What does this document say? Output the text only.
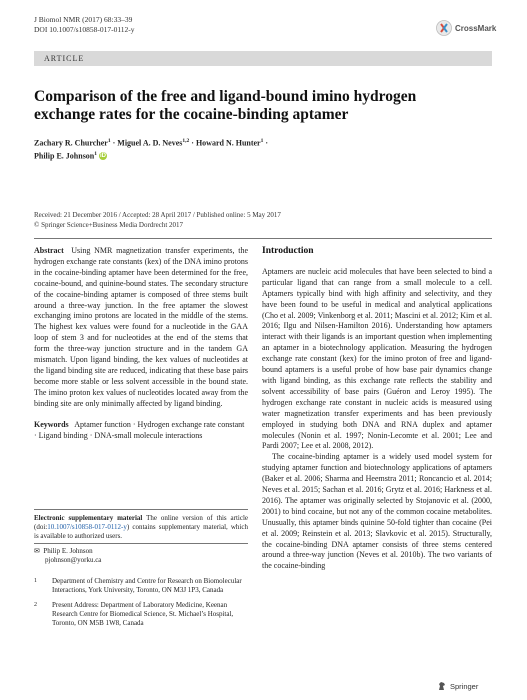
J Biomol NMR (2017) 68:33–39
DOI 10.1007/s10858-017-0112-y	CrossMark
ARTICLE
Comparison of the free and ligand-bound imino hydrogen exchange rates for the cocaine-binding aptamer
Zachary R. Churcher$^1$ · Miguel A. D. Neves$^{1,2}$ · Howard N. Hunter$^1$ ·
Philip E. Johnson$^1$ iD
Received: 21 December 2016 / Accepted: 28 April 2017 / Published online: 5 May 2017
© Springer Science+Business Media Dordrecht 2017

Abstract Using NMR magnetization transfer experiments, the hydrogen exchange rate constants (kex) of the DNA imino protons in the cocaine-binding aptamer have been determined for the free, cocaine-bound, and quinine-bound states. The secondary structure of the cocaine-binding aptamer is composed of three stems built around a three-way junction. In the free aptamer the slowest exchanging imino protons are located in the middle of the stems. The highest kex values were found for a nucleotide in the GAA loop of stem 3 and for nucleotides at the end of the stems that form the three-way junction structure and in the tandem GA mismatch. Upon ligand binding, the kex values of nucleotides at the ligand binding site are reduced, indicating that these base pairs become more stable or less solvent accessible in the bound state. The imino proton kex values of nucleotides located away from the binding site are only minimally affected by ligand binding.

Keywords Aptamer function · Hydrogen exchange rate constant · Ligand binding · DNA-small molecule interactions

Electronic supplementary material The online version of this article (doi:10.1007/s10858-017-0112-y) contains supplementary material, which is available to authorized users.
✉ Philip E. Johnson
pjohnson@yorku.ca
1	Department of Chemistry and Centre for Research on Biomolecular Interactions, York University, Toronto, ON M3J 1P3, Canada
2	Present Address: Department of Laboratory Medicine, Keenan Research Centre for Biomedical Science, St. Michael’s Hospital, Toronto, ON M5B 1W8, Canada
Introduction

Aptamers are nucleic acid molecules that have been selected to bind a particular ligand that can range from a small molecule to a cell. Aptamers typically bind with high affinity and selectivity, and they have been found to be useful in medical and analytical applications (Cho et al. 2009; Vinkenborg et al. 2011; Mascini et al. 2012; Kim et al. 2016; Ilgu and Nilsen-Hamilton 2016). Understanding how aptamers interact with their ligands is an important question when implementing an aptamer in a biotechnology application. Measuring the hydrogen exchange rate constant (kex) for the imino proton of free and ligand-bound aptamers is a useful probe of how base pair dynamics change with ligand binding, as this exchange rate reflects the stability and solvent accessibility of base pairs (Guéron and Leroy 1995). The hydrogen exchange rate constant in nucleic acids is measured using water magnetization transfer experiments and has been previously employed in studying both DNA and RNA duplex and aptamer molecules (Nonin et al. 1997; Nonin-Lecomte et al. 2001; Lee and Pardi 2007; Lee et al. 2008, 2012).

The cocaine-binding aptamer is a widely used model system for studying aptamer function and biotechnology applications of aptamers (Baker et al. 2006; Sharma and Heemstra 2011; Roncancio et al. 2014; Neves et al. 2015; Sachan et al. 2016; Grytz et al. 2016; Harkness et al. 2016). The aptamer was originally selected by Stojanovic et al. (2000, 2001) to bind cocaine, but not any of the common cocaine metabolites. Unusually, this aptamer binds quinine 50-fold tighter than cocaine (Pei et al. 2009; Reinstein et al. 2013; Slavkovic et al. 2015). Structurally, the cocaine-binding DNA aptamer consists of three stems centered around a three-way junction (Neves et al. 2010b). The two variants of the cocaine-binding

Springer
